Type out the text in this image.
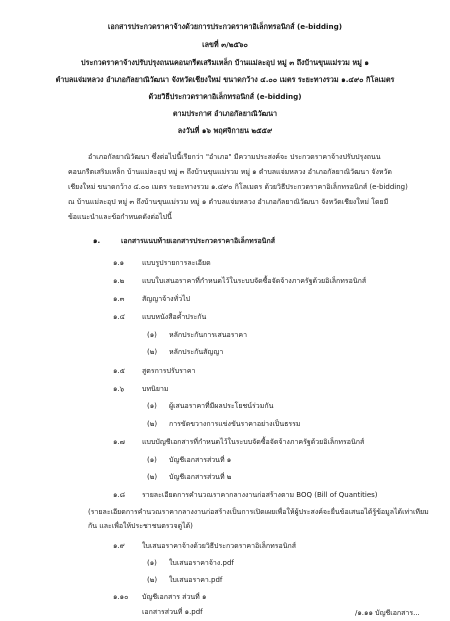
เอกสารประกวดราคาจ้างด้วยการประกวดราคาอิเล็กทรอนิกส์ (e-bidding)
เลขที่ ๓/๒๕๖๐
ประกวดราคาจ้างปรับปรุงถนนคอนกรีตเสริมเหล็ก บ้านแม่ละอุป หมู่ ๓ ถึงบ้านขุนแม่รวม หมู่ ๑
ตำบลแจ่มหลวง อำเภอกัลยาณิวัฒนา จังหวัดเชียงใหม่ ขนาดกว้าง ๔.๐๐ เมตร ระยะทางรวม ๑.๔๙๐ กิโลเมตร
ด้วยวิธีประกวดราคาอิเล็กทรอนิกส์ (e-bidding)
ตามประกาศ อำเภอกัลยาณิวัฒนา
ลงวันที่ ๑๖ พฤศจิกายน ๒๕๕๙
อำเภอกัลยาณิวัฒนา ซึ่งต่อไปนี้เรียกว่า "อำเภอ" มีความประสงค์จะ ประกวดราคาจ้างปรับปรุงถนน
คอนกรีตเสริมเหล็ก บ้านแม่ละอุป หมู่ ๓ ถึงบ้านขุนแม่รวม หมู่ ๑ ตำบลแจ่มหลวง อำเภอกัลยาณิวัฒนา จังหวัด
เชียงใหม่ ขนาดกว้าง ๔.๐๐ เมตร ระยะทางรวม ๑.๔๙๐ กิโลเมตร ด้วยวิธีประกวดราคาอิเล็กทรอนิกส์ (e-bidding)
ณ บ้านแม่ละอุป หมู่ ๓ ถึงบ้านขุนแม่รวม หมู่ ๑ ตำบลแจ่มหลวง อำเภอกัลยาณิวัฒนา จังหวัดเชียงใหม่ โดยมี
ข้อแนะนำและข้อกำหนดดังต่อไปนี้
๑.	เอกสารแนบท้ายเอกสารประกวดราคาอิเล็กทรอนิกส์
๑.๑	แบบรูปรายการละเอียด
๑.๒	แบบใบเสนอราคาที่กำหนดไว้ในระบบจัดซื้อจัดจ้างภาครัฐด้วยอิเล็กทรอนิกส์
๑.๓	สัญญาจ้างทั่วไป
๑.๔ แบบหนังสือค้ำประกัน
(๑) หลักประกันการเสนอราคา
(๒) หลักประกันสัญญา
๑.๕ สูตรการปรับราคา
๑.๖	บทนิยาม
(๑) ผู้เสนอราคาที่มีผลประโยชน์ร่วมกัน
(๒) การขัดขวางการแข่งขันราคาอย่างเป็นธรรม
๑.๗ แบบบัญชีเอกสารที่กำหนดไว้ในระบบจัดซื้อจัดจ้างภาครัฐด้วยอิเล็กทรอนิกส์
(๑) บัญชีเอกสารส่วนที่ ๑
(๒) บัญชีเอกสารส่วนที่ ๒
๑.๘ รายละเอียดการคำนวณราคากลางงานก่อสร้างตาม BOQ (Bill of Quantities)
(รายละเอียดการคำนวณราคากลางงานก่อสร้างเป็นการเปิดเผยเพื่อให้ผู้ประสงค์จะยื่นข้อเสนอได้รู้ข้อมูลได้เท่าเทียม
กัน และเพื่อให้ประชาชนตรวจดูได้)
๑.๙ ใบเสนอราคาจ้างด้วยวิธีประกวดราคาอิเล็กทรอนิกส์
(๑) ใบเสนอราคาจ้าง.pdf
(๒) ใบเสนอราคา.pdf
๑.๑๐ บัญชีเอกสาร ส่วนที่ ๑
เอกสารส่วนที่ ๑.pdf	/๑.๑๑ บัญชีเอกสาร...
